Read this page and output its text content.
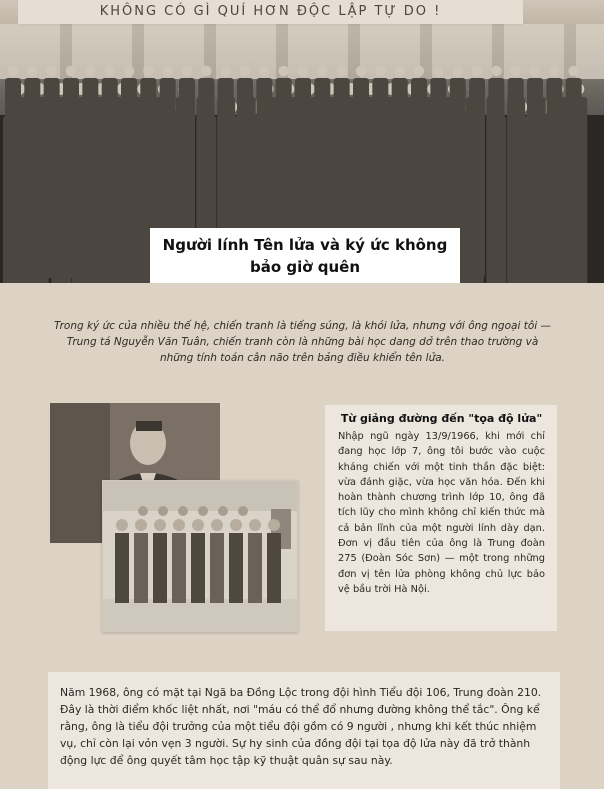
KHÔNG CÓ GÌ QUÍ HƠN ĐỘC LẬP TỰ DO !
Người lính Tên lửa và ký ức không bảo giờ quên
Trong ký ức của nhiều thế hệ, chiến tranh là tiếng súng, là khói lửa, nhưng với ông ngoại tôi — Trung tá Nguyễn Văn Tuân, chiến tranh còn là những bài học dang dở trên thao trường và những tính toán cân não trên bảng điều khiển tên lửa.
Từ giảng đường đến "tọa độ lửa"

Nhập ngũ ngày 13/9/1966, khi mới chỉ đang học lớp 7, ông tôi bước vào cuộc kháng chiến với một tinh thần đặc biệt: vừa đánh giặc, vừa học văn hóa. Đến khi hoàn thành chương trình lớp 10, ông đã tích lũy cho mình không chỉ kiến thức mà cả bản lĩnh của một người lính dày dạn. Đơn vị đầu tiên của ông là Trung đoàn 275 (Đoàn Sóc Sơn) — một trong những đơn vị tên lửa phòng không chủ lực bảo vệ bầu trời Hà Nội.

Năm 1968, ông có mặt tại Ngã ba Đồng Lộc trong đội hình Tiểu đội 106, Trung đoàn 210. Đây là thời điểm khốc liệt nhất, nơi "máu có thể đổ nhưng đường không thể tắc". Ông kể rằng, ông là tiểu đội trưởng của một tiểu đội gồm có 9 người , nhưng khi kết thúc nhiệm vụ, chỉ còn lại vỏn vẹn 3 người. Sự hy sinh của đồng đội tại tọa độ lửa này đã trở thành động lực để ông quyết tâm học tập kỹ thuật quân sự sau này.
